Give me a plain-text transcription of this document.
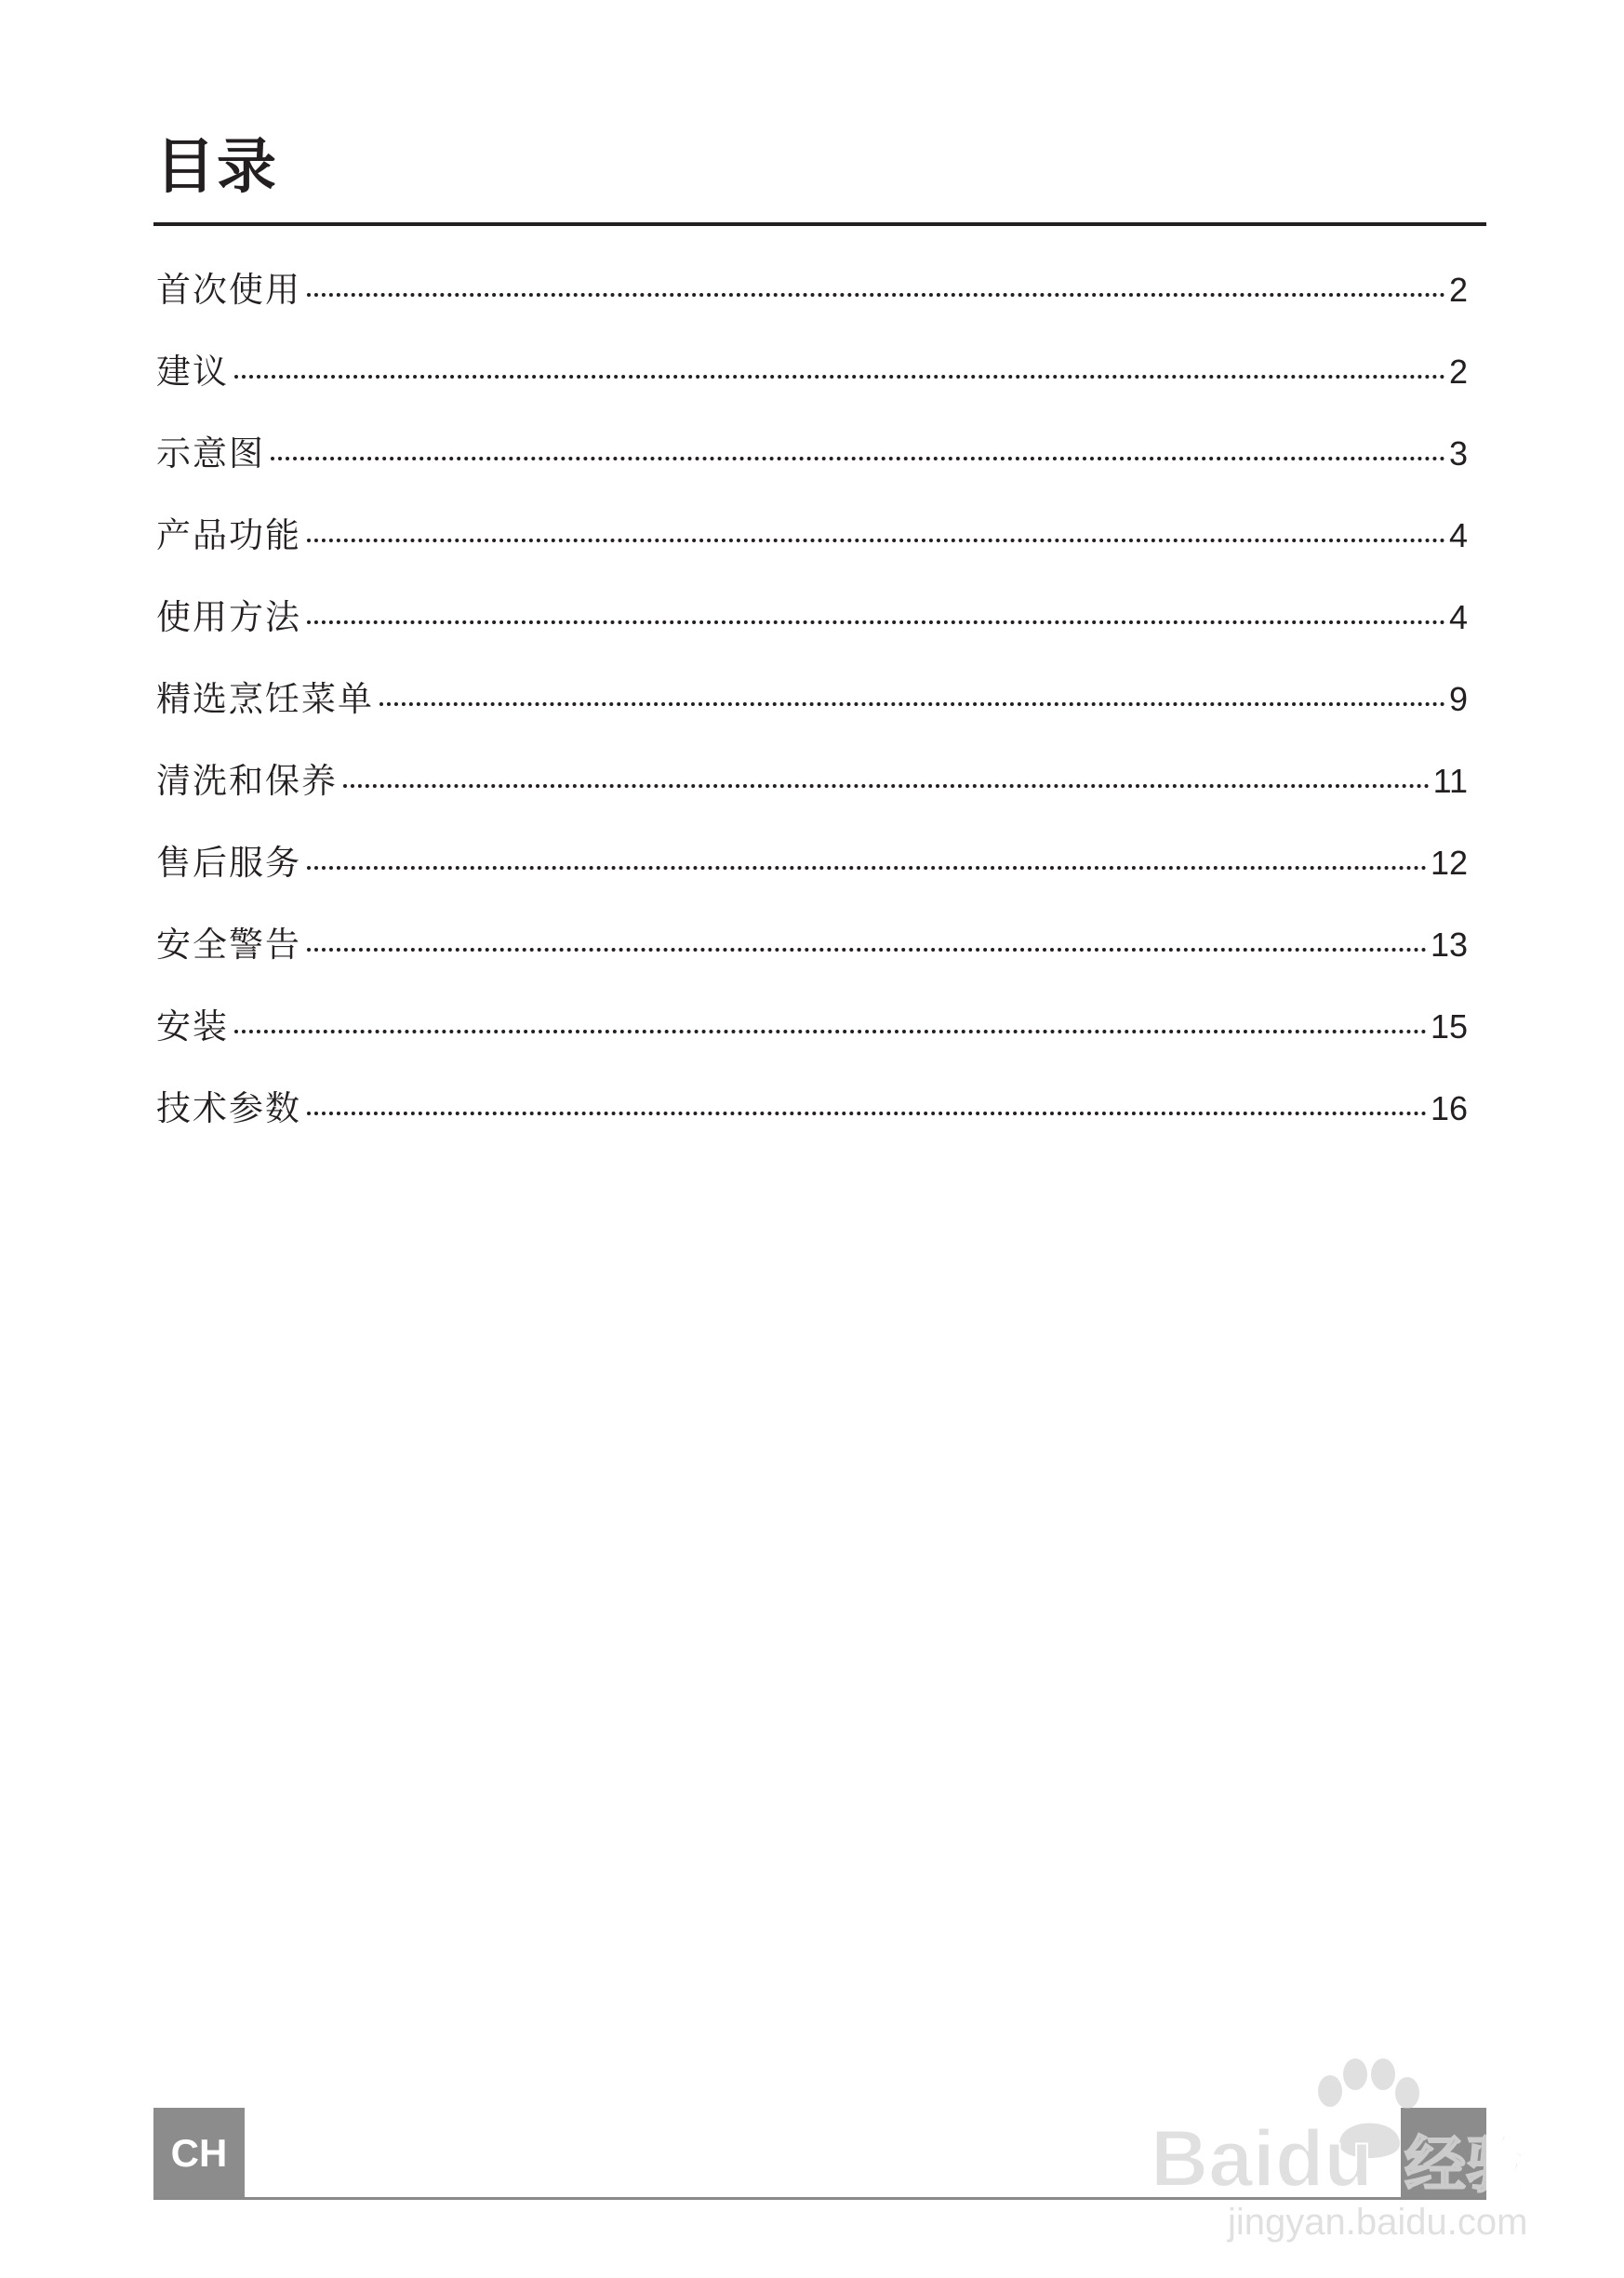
目录
首次使用	2
建议	2
示意图	3
产品功能	4
使用方法	4
精选烹饪菜单	9
清洗和保养	11
售后服务	12
安全警告	13
安装	15
技术参数	16
CH	Baidu 经验
jingyan.baidu.com
